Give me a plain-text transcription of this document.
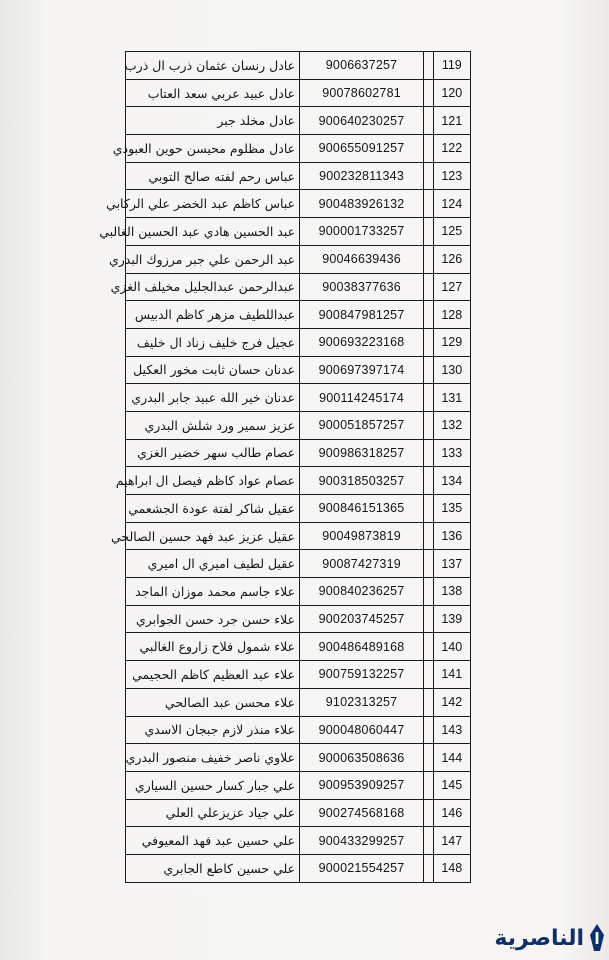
عادل رنسان عثمان ذرب ال ذرب	9006637257		119
عادل عبيد عربي سعد العتاب	90078602781		120
عادل مخلد جبر	900640230257		121
عادل مظلوم محيسن حوين العبودي	900655091257		122
عباس رحم لفته صالح التوبي	900232811343		123
عباس كاظم عبد الخضر علي الركابي	900483926132		124
عبد الحسين هادي عبد الحسين الغالبي	900001733257		125
عبد الرحمن علي جبر مرزوك البدري	90046639436		126
عبدالرحمن عبدالجليل مخيلف الغزي	90038377636		127
عبداللطيف مزهر كاظم الدبيس	900847981257		128
عجيل فرج خليف زناد ال خليف	900693223168		129
عدنان حسان ثابت مخور العكيل	900697397174		130
عدنان خير الله عبيد جابر البدري	900114245174		131
عزيز سمير ورد شلش البدري	900051857257		132
عصام طالب سهر خضير الغزي	900986318257		133
عصام عواد كاظم فيصل ال ابراهيم	900318503257		134
عقيل شاكر لفتة عودة الجشعمي	900846151365		135
عقيل عزيز عبد فهد حسين الصالحي	90049873819		136
عقيل لطيف اميري ال اميري	90087427319		137
علاء جاسم محمد موزان الماجد	900840236257		138
علاء حسن جرد حسن الجوابري	900203745257		139
علاء شمول فلاح زاروع الغالبي	900486489168		140
علاء عبد العظيم كاظم الحجيمي	900759132257		141
علاء محسن عبد الصالحي	9102313257		142
علاء منذر لازم جبجان الاسدي	900048060447		143
علاوي ناصر خفيف منصور البدري	900063508636		144
علي جبار كسار حسين السياري	900953909257		145
علي جياد عزيزعلي العلي	900274568168		146
علي حسين عبد فهد المعيوفي	900433299257		147
علي حسين كاطع الجابري	900021554257		148
الناصرية
